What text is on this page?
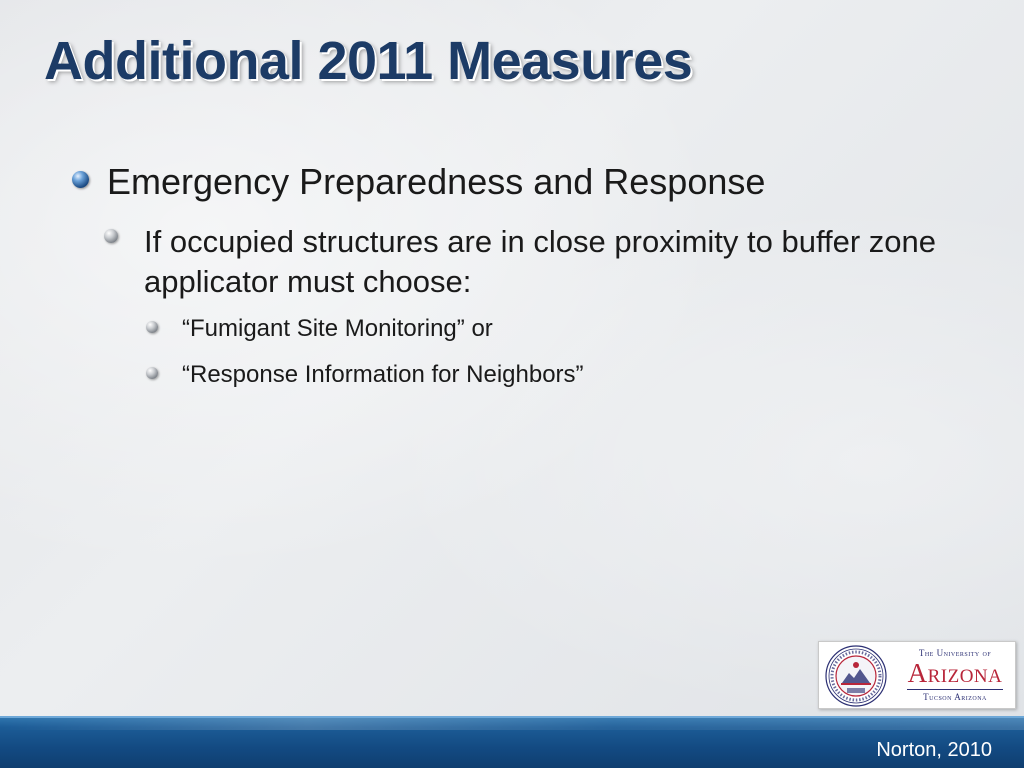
Additional 2011 Measures
Emergency Preparedness and Response
If occupied structures are in close proximity to buffer zone applicator must choose:
“Fumigant Site Monitoring” or
“Response Information for Neighbors”
The University of
Arizona
Tucson Arizona
Norton, 2010
